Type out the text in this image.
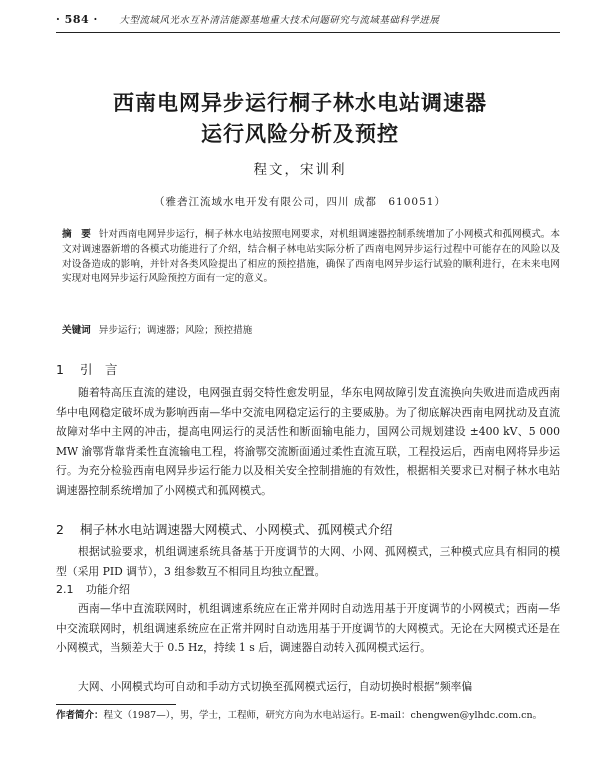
· 584 · 大型流域风光水互补清洁能源基地重大技术问题研究与流域基础科学进展
西南电网异步运行桐子林水电站调速器
运行风险分析及预控
程文，宋训利
（雅砻江流域水电开发有限公司，四川 成都　610051）
摘　要 针对西南电网异步运行，桐子林水电站按照电网要求，对机组调速器控制系统增加了小网模式和孤网模式。本文对调速器新增的各模式功能进行了介绍，结合桐子林电站实际分析了西南电网异步运行过程中可能存在的风险以及对设备造成的影响，并针对各类风险提出了相应的预控措施，确保了西南电网异步运行试验的顺利进行，在未来电网实现对电网异步运行风险预控方面有一定的意义。
关键词 异步运行；调速器；风险；预控措施
1 引　言
随着特高压直流的建设，电网强直弱交特性愈发明显，华东电网故障引发直流换向失败进而造成西南　华中电网稳定破坏成为影响西南—华中交流电网稳定运行的主要威胁。为了彻底解决西南电网扰动及直流故障对华中主网的冲击，提高电网运行的灵活性和断面输电能力，国网公司规划建设 ±400 kV、5 000 MW 渝鄂背靠背柔性直流输电工程，将渝鄂交流断面通过柔性直流互联，工程投运后，西南电网将异步运行。为充分检验西南电网异步运行能力以及相关安全控制措施的有效性，根据相关要求已对桐子林水电站调速器控制系统增加了小网模式和孤网模式。
2 桐子林水电站调速器大网模式、小网模式、孤网模式介绍
根据试验要求，机组调速系统具备基于开度调节的大网、小网、孤网模式，三种模式应具有相同的模型（采用 PID 调节），3 组参数互不相同且均独立配置。
2.1 功能介绍
西南—华中直流联网时，机组调速系统应在正常并网时自动选用基于开度调节的小网模式；西南—华中交流联网时，机组调速系统应在正常并网时自动选用基于开度调节的大网模式。无论在大网模式还是在小网模式，当频差大于 0.5 Hz，持续 1 s 后，调速器自动转入孤网模式运行。
大网、小网模式均可自动和手动方式切换至孤网模式运行，自动切换时根据“频率偏
作者简介：程文（1987—），男，学士，工程师，研究方向为水电站运行。E-mail：chengwen@ylhdc.com.cn。
